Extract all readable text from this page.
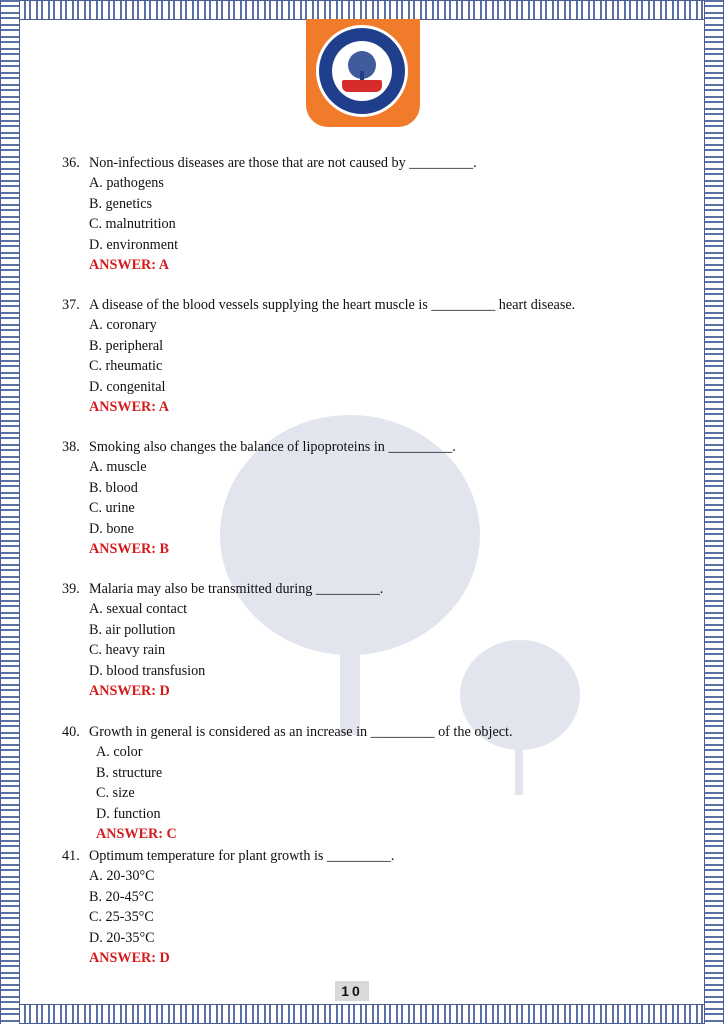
36. Non-infectious diseases are those that are not caused by _________.
A. pathogens
B. genetics
C. malnutrition
D. environment
ANSWER: A
37. A disease of the blood vessels supplying the heart muscle is _________ heart disease.
A. coronary
B. peripheral
C. rheumatic
D. congenital
ANSWER: A
38. Smoking also changes the balance of lipoproteins in _________.
A. muscle
B. blood
C. urine
D. bone
ANSWER: B
39. Malaria may also be transmitted during _________.
A. sexual contact
B. air pollution
C. heavy rain
D. blood transfusion
ANSWER: D
40. Growth in general is considered as an increase in _________ of the object.
A. color
B. structure
C. size
D. function
ANSWER: C
41. Optimum temperature for plant growth is _________.
A. 20-30°C
B. 20-45°C
C. 25-35°C
D. 20-35°C
ANSWER: D
10
